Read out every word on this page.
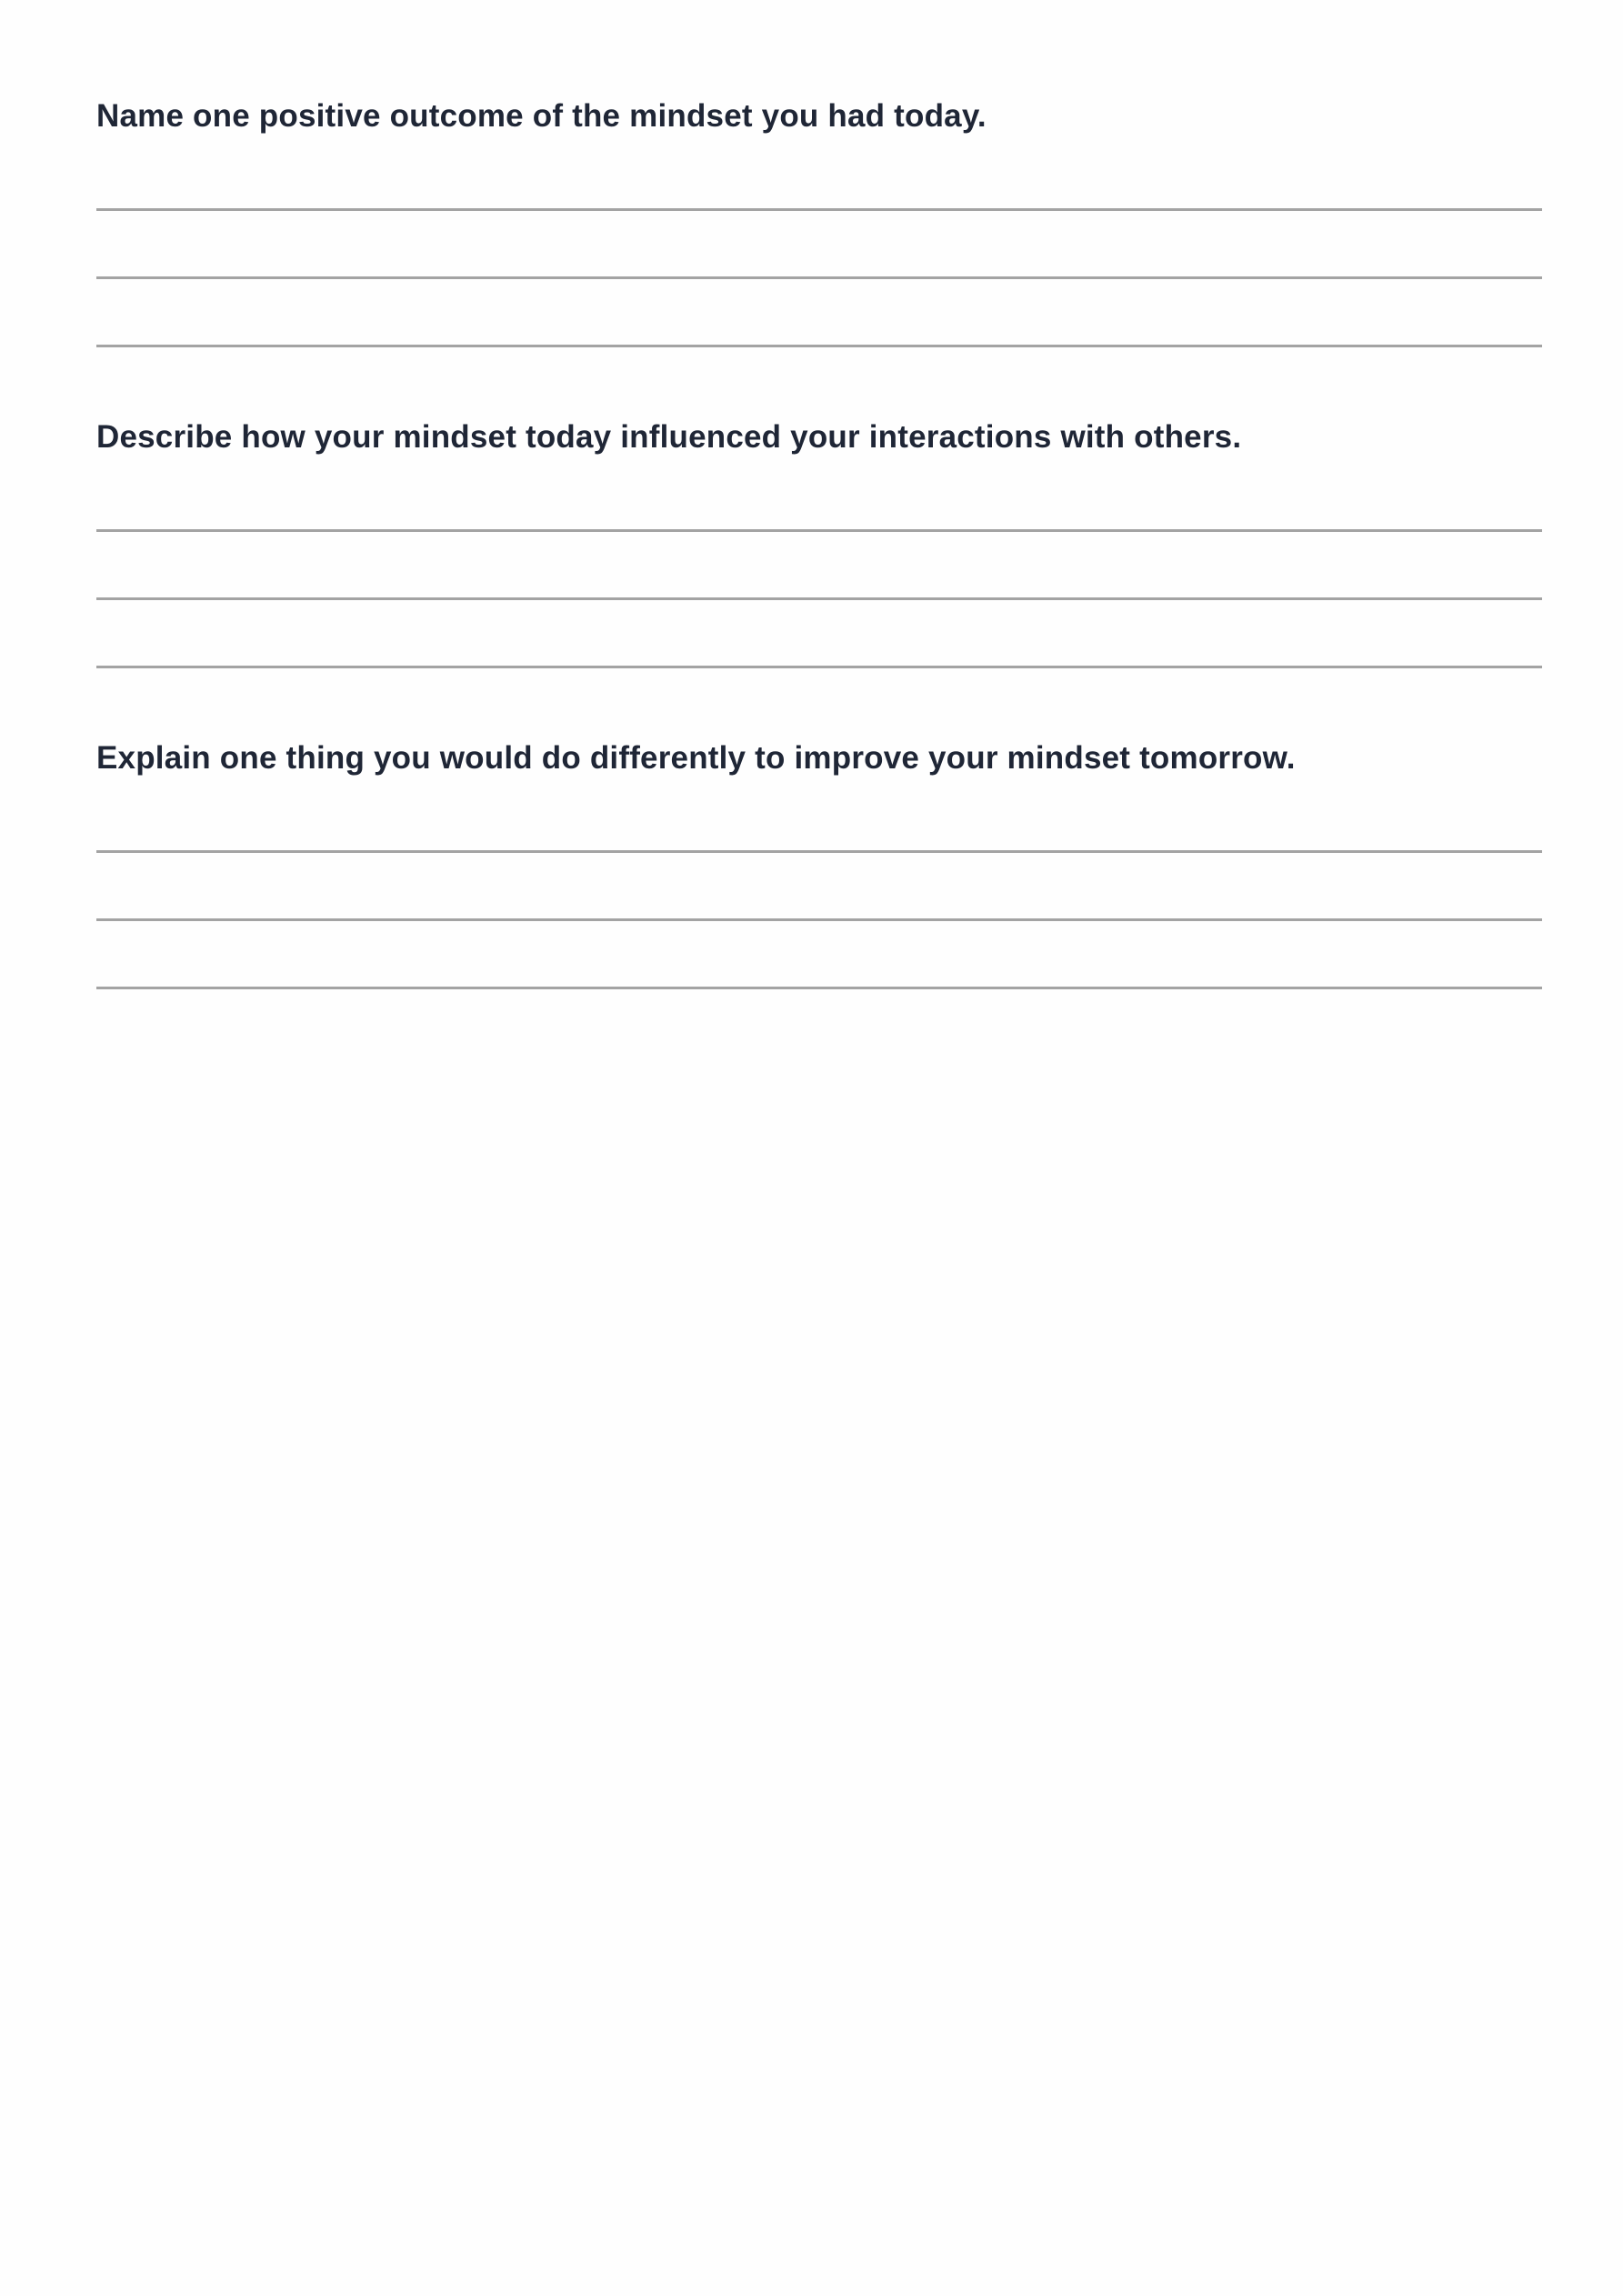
Name one positive outcome of the mindset you had today.

Describe how your mindset today influenced your interactions with others.

Explain one thing you would do differently to improve your mindset tomorrow.
